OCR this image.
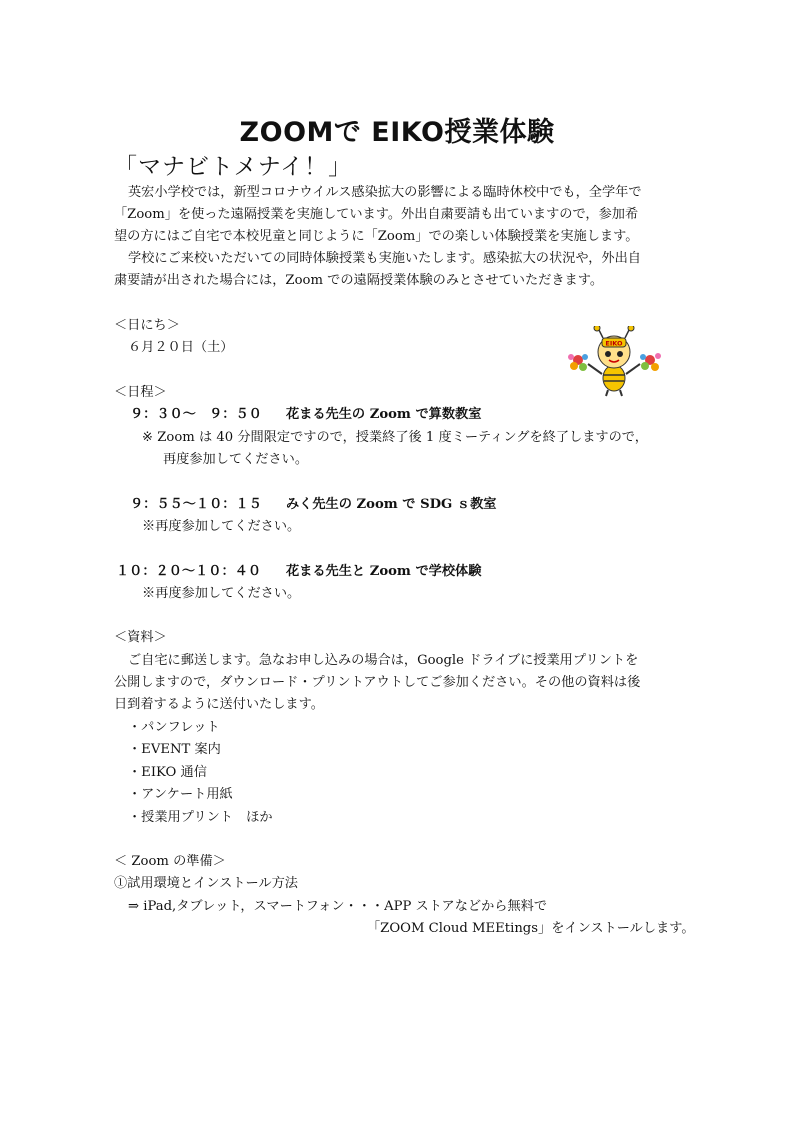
ZOOMで EIKO授業体験
「マナビトメナイ！」
英宏小学校では，新型コロナウイルス感染拡大の影響による臨時休校中でも，全学年で
「Zoom」を使った遠隔授業を実施しています。外出自粛要請も出ていますので，参加希
望の方にはご自宅で本校児童と同じように「Zoom」での楽しい体験授業を実施します。
学校にご来校いただいての同時体験授業も実施いたします。感染拡大の状況や，外出自
粛要請が出された場合には，Zoom での遠隔授業体験のみとさせていただきます。
＜日にち＞
６月２０日（土）	EIKO
＜日程＞
９：３０～　９：５０ 花まる先生の Zoom で算数教室
※ Zoom は 40 分間限定ですので，授業終了後 1 度ミーティングを終了しますので，
再度参加してください。
９：５５～１０：１５ みく先生の Zoom で SDG ｓ教室
※再度参加してください。
１０：２０～１０：４０ 花まる先生と Zoom で学校体験
※再度参加してください。
＜資料＞
ご自宅に郵送します。急なお申し込みの場合は，Google ドライブに授業用プリントを
公開しますので，ダウンロード・プリントアウトしてご参加ください。その他の資料は後
日到着するように送付いたします。
・パンフレット
・EVENT 案内
・EIKO 通信
・アンケート用紙
・授業用プリント　ほか
＜ Zoom の準備＞
①試用環境とインストール方法
⇒ iPad,タブレット，スマートフォン・・・APP ストアなどから無料で
「ZOOM Cloud MEEtings」をインストールします。
